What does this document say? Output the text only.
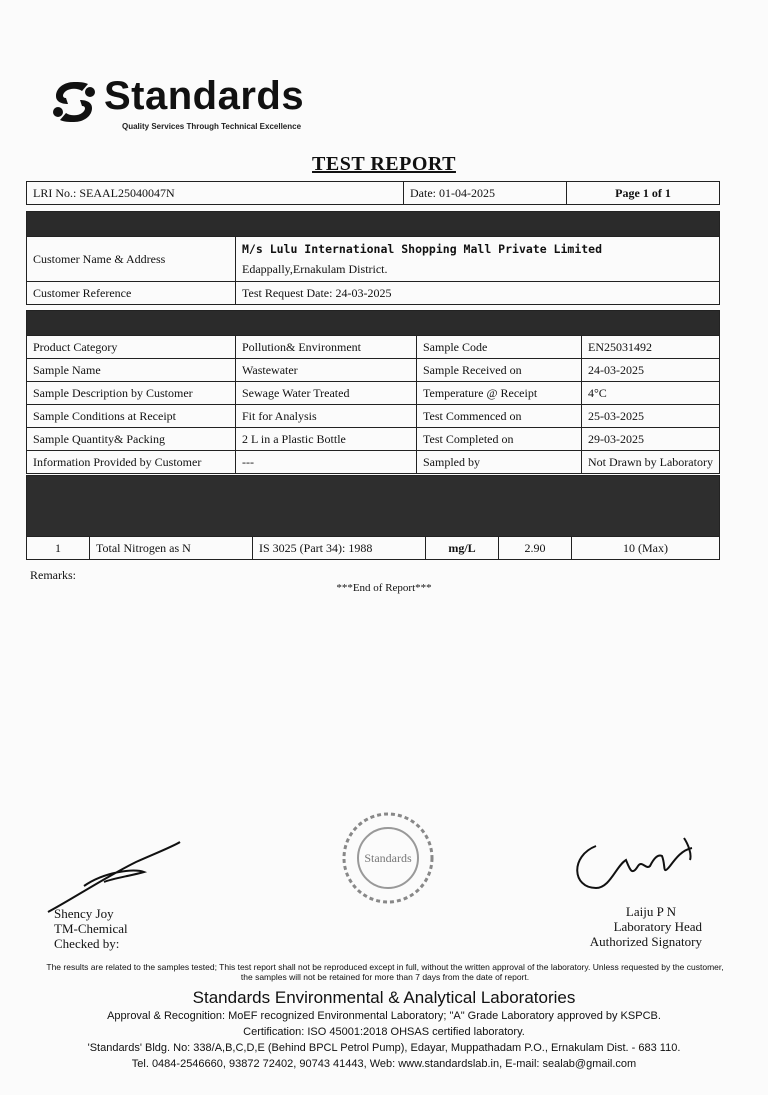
Standards
Quality Services Through Technical Excellence
TEST REPORT
LRI No.: SEAAL25040047N	Date: 01-04-2025	Page 1 of 1

Customer Name & Address	M/s Lulu International Shopping Mall Private Limited
Edappally,Ernakulam District.

Customer Reference	Test Request Date: 24-03-2025

Product Category	Pollution& Environment	Sample Code	EN25031492
Sample Name	Wastewater	Sample Received on	24-03-2025
Sample Description by Customer	Sewage Water Treated	Temperature @ Receipt	4°C
Sample Conditions at Receipt	Fit for Analysis	Test Commenced on	25-03-2025
Sample Quantity& Packing	2 L in a Plastic Bottle	Test Completed on	29-03-2025
Information Provided by Customer	---	Sampled by	Not Drawn by Laboratory

1	Total Nitrogen as N	IS 3025 (Part 34): 1988	mg/L	2.90	10 (Max)
Remarks:
***End of Report***
Standards
Shency Joy
TM-Chemical
Checked by:
Laiju P N
Laboratory Head
Authorized Signatory
The results are related to the samples tested; This test report shall not be reproduced except in full, without the written approval of the laboratory. Unless requested by the customer, the samples will not be retained for more than 7 days from the date of report.
Standards Environmental & Analytical Laboratories
Approval & Recognition: MoEF recognized Environmental Laboratory; "A" Grade Laboratory approved by KSPCB.
Certification: ISO 45001:2018 OHSAS certified laboratory.
'Standards' Bldg. No: 338/A,B,C,D,E (Behind BPCL Petrol Pump), Edayar, Muppathadam P.O., Ernakulam Dist. - 683 110.
Tel. 0484-2546660, 93872 72402, 90743 41443, Web: www.standardslab.in, E-mail: sealab@gmail.com
